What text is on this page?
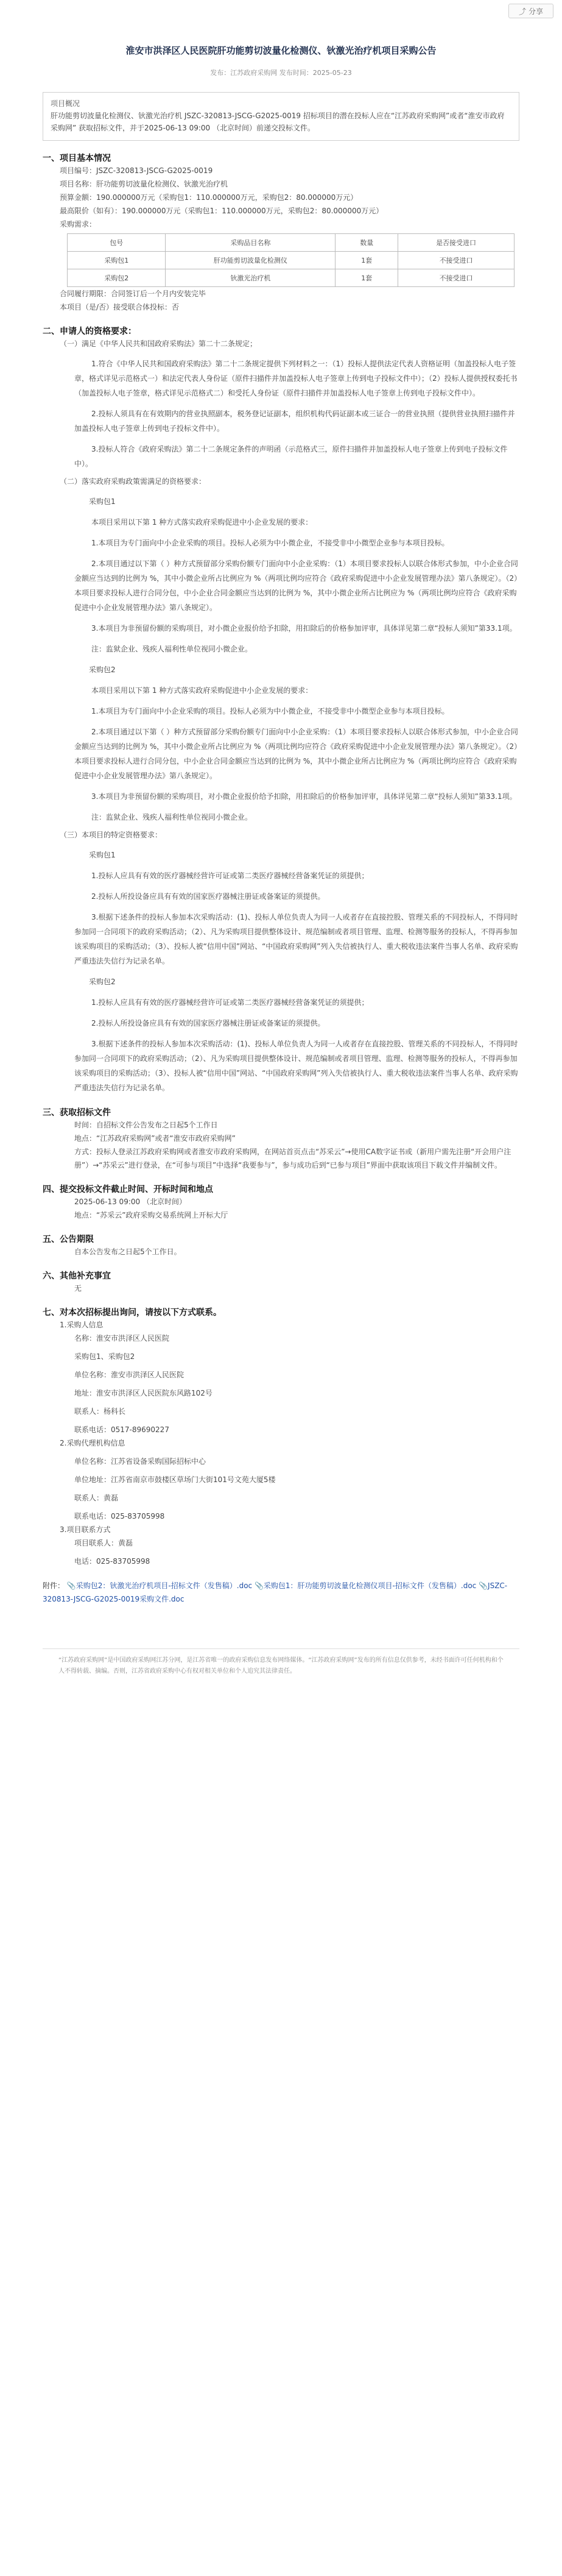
⤴ 分享
淮安市洪泽区人民医院肝功能剪切波量化检测仪、钬激光治疗机项目采购公告
发布：江苏政府采购网 发布时间：2025-05-23
项目概况
肝功能剪切波量化检测仪、钬激光治疗机 JSZC-320813-JSCG-G2025-0019 招标项目的潜在投标人应在“江苏政府采购网”或者“淮安市政府采购网” 获取招标文件，并于2025-06-13 09:00 （北京时间）前递交投标文件。
一、项目基本情况
项目编号：JSZC-320813-JSCG-G2025-0019
项目名称：肝功能剪切波量化检测仪、钬激光治疗机
预算金额：190.000000万元（采购包1：110.000000万元，采购包2：80.000000万元）
最高限价（如有）：190.000000万元（采购包1：110.000000万元，采购包2：80.000000万元）
采购需求：
包号	采购品目名称	数量	是否接受进口
采购包1	肝功能剪切波量化检测仪	1套	不接受进口
采购包2	钬激光治疗机	1套	不接受进口
合同履行期限：合同签订后一个月内安装完毕
本项目（是/否）接受联合体投标：否
二、申请人的资格要求：
（一）满足《中华人民共和国政府采购法》第二十二条规定；
1.符合《中华人民共和国政府采购法》第二十二条规定提供下列材料之一：（1）投标人提供法定代表人资格证明（加盖投标人电子签章，格式详见示范格式一）和法定代表人身份证（原件扫描件并加盖投标人电子签章上传到电子投标文件中）；（2）投标人提供授权委托书（加盖投标人电子签章，格式详见示范格式二）和受托人身份证（原件扫描件并加盖投标人电子签章上传到电子投标文件中）。
2.投标人须具有在有效期内的营业执照副本，税务登记证副本，组织机构代码证副本或三证合一的营业执照（提供营业执照扫描件并加盖投标人电子签章上传到电子投标文件中）。
3.投标人符合《政府采购法》第二十二条规定条件的声明函（示范格式三，原件扫描件并加盖投标人电子签章上传到电子投标文件中）。
（二）落实政府采购政策需满足的资格要求：
采购包1
本项目采用以下第 1 种方式落实政府采购促进中小企业发展的要求：
1.本项目为专门面向中小企业采购的项目。投标人必须为中小微企业，不接受非中小微型企业参与本项目投标。
2.本项目通过以下第（ ）种方式预留部分采购份额专门面向中小企业采购：（1）本项目要求投标人以联合体形式参加，中小企业合同金额应当达到的比例为 %，其中小微企业所占比例应为 %（两项比例均应符合《政府采购促进中小企业发展管理办法》第八条规定）。（2）本项目要求投标人进行合同分包，中小企业合同金额应当达到的比例为 %，其中小微企业所占比例应为 %（两项比例均应符合《政府采购促进中小企业发展管理办法》第八条规定）。
3.本项目为非预留份额的采购项目，对小微企业报价给予扣除，用扣除后的价格参加评审，具体详见第二章“投标人须知”第33.1项。
注：监狱企业、残疾人福利性单位视同小微企业。
采购包2
本项目采用以下第 1 种方式落实政府采购促进中小企业发展的要求：
1.本项目为专门面向中小企业采购的项目。投标人必须为中小微企业，不接受非中小微型企业参与本项目投标。
2.本项目通过以下第（ ）种方式预留部分采购份额专门面向中小企业采购：（1）本项目要求投标人以联合体形式参加，中小企业合同金额应当达到的比例为 %，其中小微企业所占比例应为 %（两项比例均应符合《政府采购促进中小企业发展管理办法》第八条规定）。（2）本项目要求投标人进行合同分包，中小企业合同金额应当达到的比例为 %，其中小微企业所占比例应为 %（两项比例均应符合《政府采购促进中小企业发展管理办法》第八条规定）。
3.本项目为非预留份额的采购项目，对小微企业报价给予扣除，用扣除后的价格参加评审，具体详见第二章“投标人须知”第33.1项。
注：监狱企业、残疾人福利性单位视同小微企业。
（三）本项目的特定资格要求：
采购包1
1.投标人应具有有效的医疗器械经营许可证或第二类医疗器械经营备案凭证的须提供；
2.投标人所投设备应具有有效的国家医疗器械注册证或备案证的须提供。
3.根据下述条件的投标人参加本次采购活动：(1)、投标人单位负责人为同一人或者存在直接控股、管理关系的不同投标人，不得同时参加同一合同项下的政府采购活动；（2）、凡为采购项目提供整体设计、规范编制或者项目管理、监理、检测等服务的投标人，不得再参加该采购项目的采购活动；（3）、投标人被“信用中国”网站、“中国政府采购网”列入失信被执行人、重大税收违法案件当事人名单、政府采购严重违法失信行为记录名单。
采购包2
1.投标人应具有有效的医疗器械经营许可证或第二类医疗器械经营备案凭证的须提供；
2.投标人所投设备应具有有效的国家医疗器械注册证或备案证的须提供。
3.根据下述条件的投标人参加本次采购活动：(1)、投标人单位负责人为同一人或者存在直接控股、管理关系的不同投标人，不得同时参加同一合同项下的政府采购活动；（2）、凡为采购项目提供整体设计、规范编制或者项目管理、监理、检测等服务的投标人，不得再参加该采购项目的采购活动；（3）、投标人被“信用中国”网站、“中国政府采购网”列入失信被执行人、重大税收违法案件当事人名单、政府采购严重违法失信行为记录名单。
三、获取招标文件
时间：自招标文件公告发布之日起5个工作日
地点：“江苏政府采购网”或者“淮安市政府采购网”
方式：投标人登录江苏政府采购网或者淮安市政府采购网，在网站首页点击“苏采云”→使用CA数字证书或（新用户需先注册“开会用户注册”）→“苏采云”进行登录，在“可参与项目”中选择“我要参与”，参与成功后到“已参与项目”界面中获取该项目下载文件并编制文件。
四、提交投标文件截止时间、开标时间和地点
2025-06-13 09:00 （北京时间）
地点：“苏采云”政府采购交易系统网上开标大厅
五、公告期限
自本公告发布之日起5个工作日。
六、其他补充事宜
无
七、对本次招标提出询问，请按以下方式联系。
1.采购人信息
名称：淮安市洪泽区人民医院
采购包1、采购包2
单位名称：淮安市洪泽区人民医院
地址：淮安市洪泽区人民医院东风路102号
联系人：杨科长
联系电话：0517-89690227
2.采购代理机构信息
单位名称：江苏省设备采购国际招标中心
单位地址：江苏省南京市鼓楼区草场门大街101号文苑大厦5楼
联系人：黄磊
联系电话：025-83705998
3.项目联系方式
项目联系人：黄磊
电话：025-83705998
附件： 📎采购包2：钬激光治疗机项目-招标文件（发售稿）.doc 📎采购包1：肝功能剪切波量化检测仪项目-招标文件（发售稿）.doc 📎JSZC-320813-JSCG-G2025-0019采购文件.doc
“江苏政府采购网”是中国政府采购网江苏分网，是江苏省唯一的政府采购信息发布网络媒体。“江苏政府采购网”发布的所有信息仅供参考，未经书面许可任何机构和个人不得转载、摘编。否则，江苏省政府采购中心有权对相关单位和个人追究其法律责任。
